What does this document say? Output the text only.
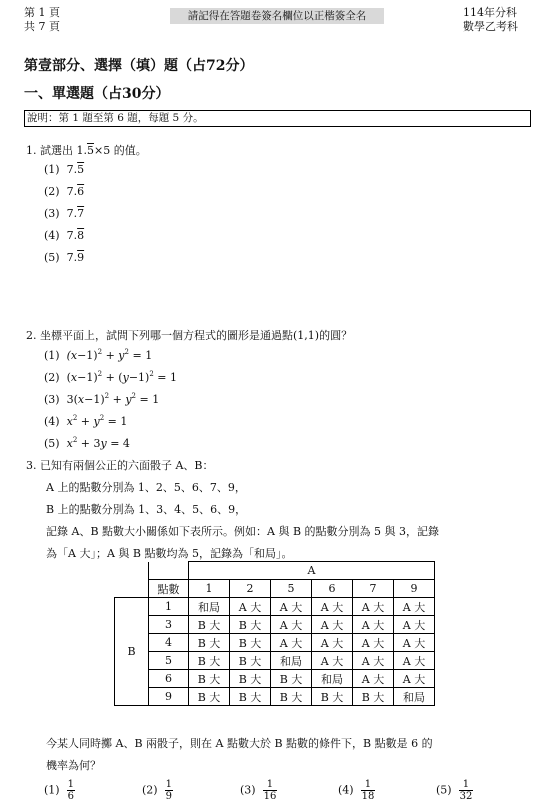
第 1 頁
共 7 頁
請記得在答題卷簽名欄位以正楷簽全名	114年分科
數學乙考科
第壹部分、選擇（填）題（占72分）
一、單選題（占30分）
說明：第 1 題至第 6 題，每題 5 分。
1. 試選出 1.5×5 的值。
(1) 7.5
(2) 7.6
(3) 7.7
(4) 7.8
(5) 7.9
2. 坐標平面上，試問下列哪一個方程式的圖形是通過點(1,1)的圓？
(1) $(x-1)^2 + y^2 = 1$
(2)  $(x-1)^2 + (y-1)^2 = 1$
(3)  $3(x-1)^2 + y^2 = 1$
(4) $x^2 + y^2 = 1$
(5) $x^2 + 3y = 4$
3. 已知有兩個公正的六面骰子 A、B：
A 上的點數分別為 1、2、5、6、7、9，
B 上的點數分別為 1、3、4、5、6、9，
記錄 A、B 點數大小關係如下表所示。例如：A 與 B 的點數分別為 5 與 3，記錄
為「A 大」；A 與 B 點數均為 5，記錄為「和局」。
		A					
	點數	1	2	5	6	7	9
B	1	和局	A 大	A 大	A 大	A 大	A 大
	3	B 大	B 大	A 大	A 大	A 大	A 大
	4	B 大	B 大	A 大	A 大	A 大	A 大
	5	B 大	B 大	和局	A 大	A 大	A 大
	6	B 大	B 大	B 大	和局	A 大	A 大
	9	B 大	B 大	B 大	B 大	B 大	和局
今某人同時擲 A、B 兩骰子，則在 A 點數大於 B 點數的條件下，B 點數是 6 的
機率為何？
$(1) \frac{1}{6}$	$(2) \frac{1}{9}$	$(3) \frac{1}{16}$	$(4) \frac{1}{18}$	$(5) \frac{1}{32}$
